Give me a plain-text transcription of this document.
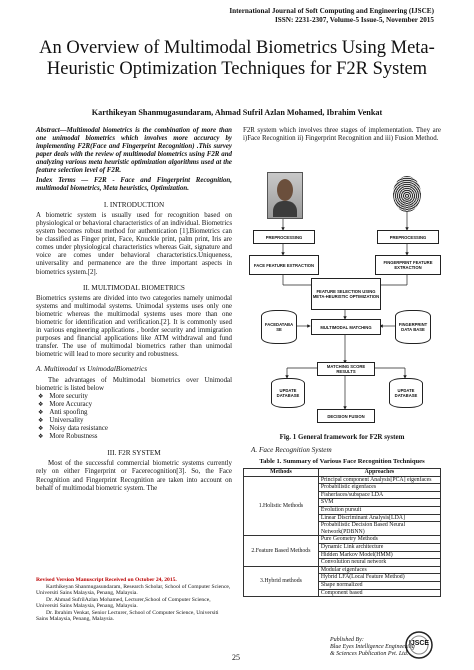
International Journal of Soft Computing and Engineering (IJSCE)
ISSN: 2231-2307, Volume-5 Issue-5, November 2015
An Overview of Multimodal Biometrics Using Meta-Heuristic Optimization Techniques for F2R System
Karthikeyan Shanmugasundaram, Ahmad Sufril Azlan Mohamed, Ibrahim Venkat
Abstract—Multimodal biometrics is the combination of more than one unimodal biometrics which involves more accuracy by implementing F2R(Face and Fingerprint Recognition) .This survey paper deals with the review of multimodal biometrics using F2R and analyzing various meta heuristic optimization algorithms used at the feature selection level of F2R.
Index Terms — F2R - Face and Fingerprint Recognition, multimodal biometrics, Meta heuristics, Optimization.
I. INTRODUCTION
A biometric system is usually used for recognition based on physiological or behavioral characteristics of an individual. Biometrics system becomes robust method for authentication [1].Biometrics can be classified as Finger print, Face, Knuckle print, palm print, Iris are comes under physiological characteristics whereas Gait, signature and voice are comes under behavioral characteristics.Uniqueness, universality and permanence are the three important aspects in biometrics system.[2].
II. MULTIMODAL BIOMETRICS
Biometrics systems are divided into two categories namely unimodal systems and multimodal systems. Unimodal systems uses only one biometric whereas the multimodal systems uses more than one biometric for identification and verification.[2]. It is commonly used in various engineering applications , border security and immigration purposes and financial applications like ATM withdrawal and fund transfer. The use of multimodal biometrics rather than unimodal biometric will lead to more security and robustness.
A. Multimodal vs UnimodalBiometrics
The advantages of Multimodal biometrics over Unimodal biometric is listed below
❖ More security
❖ More Accuracy
❖ Anti spoofing
❖ Universality
❖ Noisy data resistance
❖ More Robustness
III. F2R SYSTEM
Most of the successful commercial biometric systems currently rely on either Fingerprint or Facerecognition[3]. So, the Face Recognition and Fingerprint Recognition are taken into account on behalf of multimodal biometric system. The
Revised Version Manuscript Received on October 24, 2015.
Karthikeyan Shanmugasundaram, Research Scholar, School of Computer Science, Universiti Sains Malaysia, Penang, Malaysia.
Dr. Ahmad SufrilAzlan Mohamed, Lecturer,School of Computer Science, Universiti Sains Malaysia, Penang, Malaysia.
Dr. Ibrahim Venkat, Senior Lecturer, School of Computer Science, Universiti Sains Malaysia, Penang, Malaysia.
F2R system which involves three stages of implementation. They are i)Face Recognition ii) Fingerprint Recognition and iii) Fusion Method.
PREPROCESSING	PREPROCESSING
FACE FEATURE EXTRACTION	FINGERPRINT FEATURE EXTRACTION
FEATURE SELECTION USING META-HEURISTIC OPTIMIZATION
FACEDATABA SE
FINGERPRINT DATA BASE
MULTIMODAL MATCHING
MATCHING SCORE RESULTS
UPDATE DATABASE
UPDATE DATABASE
DECISION FUSION
Fig. 1 General framework for F2R system
A. Face Recognition System
Table 1. Summary of Various Face Recognition Techniques
Methods	Approaches
1.Holistic Methods	Principal component Analysis[PCA] eigenfaces
	Probabilistic eigenfaces
	Fisherfaces/subspace LDA
	SVM
	Evolution pursuit
	Linear Discriminant Analysis[LDA]
	Probabilistic Decision Based Neural Network(PDBNN)
2.Feature Based Methods	Pure Geometry Methods
	Dynamic Link architecture
	Hidden Markov Model(HMM)
	Convolution neural network
3.Hybrid methods	Modular eigenfaces
	Hybrid LFA(Local Feature Method)
	Shape normalized
	Component based
25
Published By:
Blue Eyes Intelligence Engineering
& Sciences Publication Pvt. Ltd.
IJSCE
